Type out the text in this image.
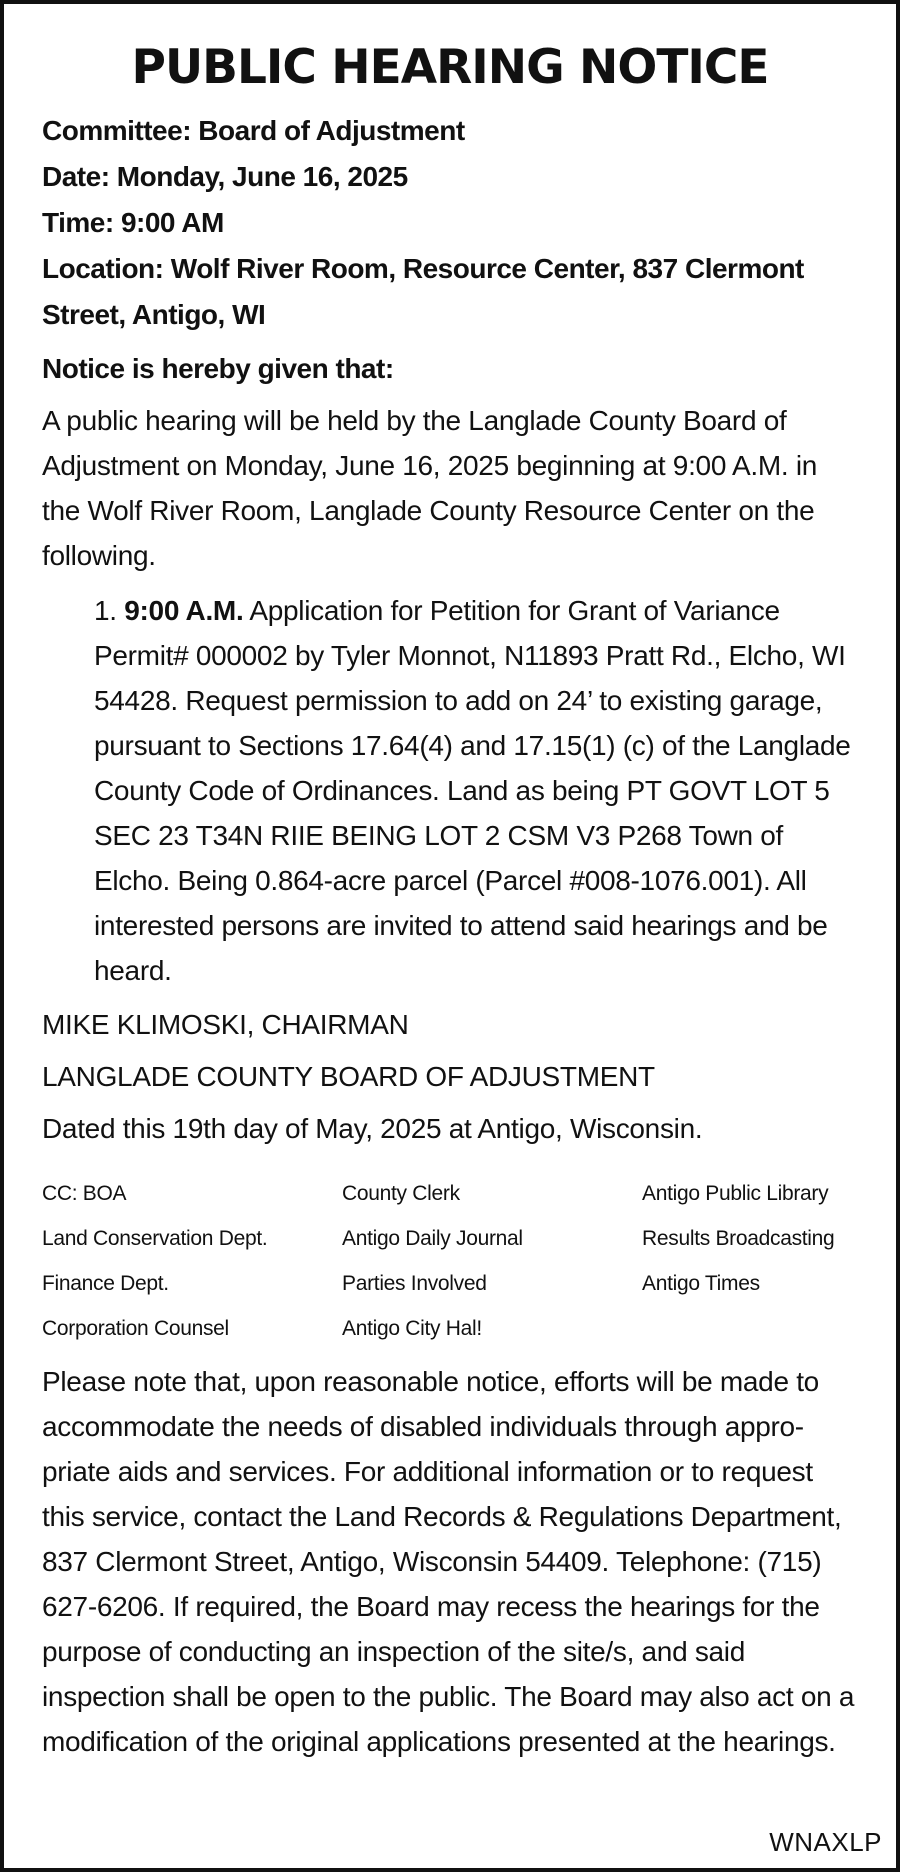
PUBLIC HEARING NOTICE
Committee: Board of Adjustment
Date: Monday, June 16, 2025
Time: 9:00 AM
Location: Wolf River Room, Resource Center, 837 Clermont
Street, Antigo, WI
Notice is hereby given that:
A public hearing will be held by the Langlade County Board of Adjustment on Monday, June 16, 2025 beginning at 9:00 A.M. in the Wolf River Room, Langlade County Resource Center on the following.
1. 9:00 A.M. Application for Petition for Grant of Variance Permit# 000002 by Tyler Monnot, N11893 Pratt Rd., Elcho, WI 54428. Request permission to add on 24’ to existing garage, pursuant to Sections 17.64(4) and 17.15(1) (c) of the Langlade County Code of Ordinances. Land as being PT GOVT LOT 5 SEC 23 T34N RIIE BEING LOT 2 CSM V3 P268 Town of Elcho. Being 0.864-acre parcel (Parcel #008-1076.001). All interested persons are invited to attend said hearings and be heard.
MIKE KLIMOSKI, CHAIRMAN
LANGLADE COUNTY BOARD OF ADJUSTMENT
Dated this 19th day of May, 2025 at Antigo, Wisconsin.
CC: BOA	County Clerk	Antigo Public Library
Land Conservation Dept.	Antigo Daily Journal	Results Broadcasting
Finance Dept.	Parties Involved	Antigo Times
Corporation Counsel	Antigo City Hal!
Please note that, upon reasonable notice, efforts will be made to accommodate the needs of disabled individuals through appro-priate aids and services. For additional information or to request this service, contact the Land Records & Regulations Department, 837 Clermont Street, Antigo, Wisconsin 54409. Telephone: (715) 627-6206. If required, the Board may recess the hearings for the purpose of conducting an inspection of the site/s, and said inspection shall be open to the public. The Board may also act on a modification of the original applications presented at the hearings.
WNAXLP
